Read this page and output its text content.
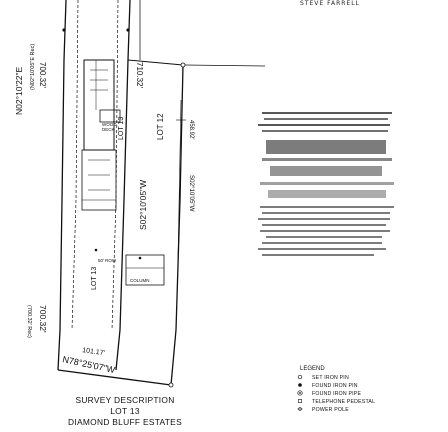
STEVE FARRELL
LOT 12
LOT 13
S02°10'05"W	S02°10'05"W
458.92'
700.32'	710.32'
N02°10'22"E (N02°10'05"E Rec)
700.32'
(700.32' Rec)
LOT 13
WOOD
DECK
COLUMN
50' ROW
N78°25'07"W
101.17'
LEGEND
SET IRON PIN
FOUND IRON PIN
FOUND IRON PIPE
TELEPHONE PEDESTAL
POWER POLE
SURVEY DESCRIPTION
LOT 13
DIAMOND BLUFF ESTATES
